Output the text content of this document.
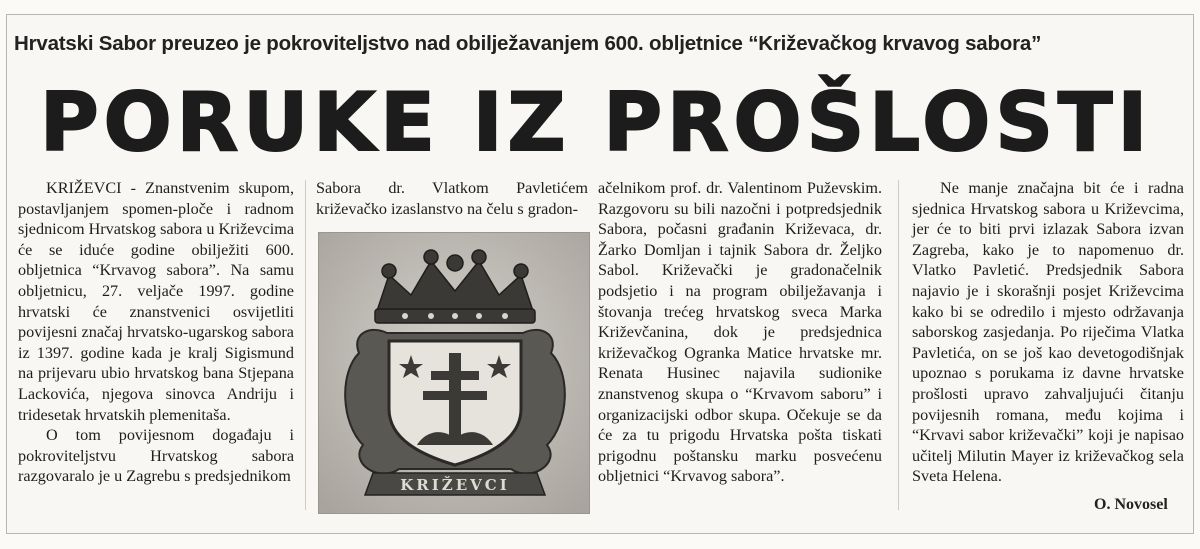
Hrvatski Sabor preuzeo je pokroviteljstvo nad obilježavanjem 600. obljetnice “Križevačkog krvavog sabora”
PORUKE IZ PROŠLOSTI

KRIŽEVCI - Znanstvenim skupom, postavljanjem spomen-ploče i radnom sjednicom Hrvatskog sabora u Križevcima će se iduće godine obilježiti 600. obljetnica “Krvavog sabora”. Na samu obljetnicu, 27. veljače 1997. godine hrvatski će znanstvenici osvijetliti povijesni značaj hrvatsko-ugarskog sabora iz 1397. godine kada je kralj Sigismund na prijevaru ubio hrvatskog bana Stjepana Lackovića, njegova sinovca Andriju i tridesetak hrvatskih plemenitaša.

O tom povijesnom događaju i pokroviteljstvu Hrvatskog sabora razgovaralo je u Zagrebu s predsjednikom

Sabora dr. Vlatkom Pavletićem križevačko izaslanstvo na čelu s gradon-

KRIŽEVCI

ačelnikom prof. dr. Valentinom Puževskim. Razgovoru su bili nazočni i potpredsjednik Sabora, počasni građanin Križevaca, dr. Žarko Domljan i tajnik Sabora dr. Željko Sabol. Križevački je gradonačelnik podsjetio i na program obilježavanja i štovanja trećeg hrvatskog sveca Marka Križevčanina, dok je predsjednica križevačkog Ogranka Matice hrvatske mr. Renata Husinec najavila sudionike znanstvenog skupa o “Krvavom saboru” i organizacijski odbor skupa. Očekuje se da će za tu prigodu Hrvatska pošta tiskati prigodnu poštansku marku posvećenu obljetnici “Krvavog sabora”.

Ne manje značajna bit će i radna sjednica Hrvatskog sabora u Križevcima, jer će to biti prvi izlazak Sabora izvan Zagreba, kako je to napomenuo dr. Vlatko Pavletić. Predsjednik Sabora najavio je i skorašnji posjet Križevcima kako bi se odredilo i mjesto održavanja saborskog zasjedanja. Po riječima Vlatka Pavletića, on se još kao devetogodišnjak upoznao s porukama iz davne hrvatske prošlosti upravo zahvaljujući čitanju povijesnih romana, među kojima i “Krvavi sabor križevački” koji je napisao učitelj Milutin Mayer iz križevačkog sela Sveta Helena.

O. Novosel
